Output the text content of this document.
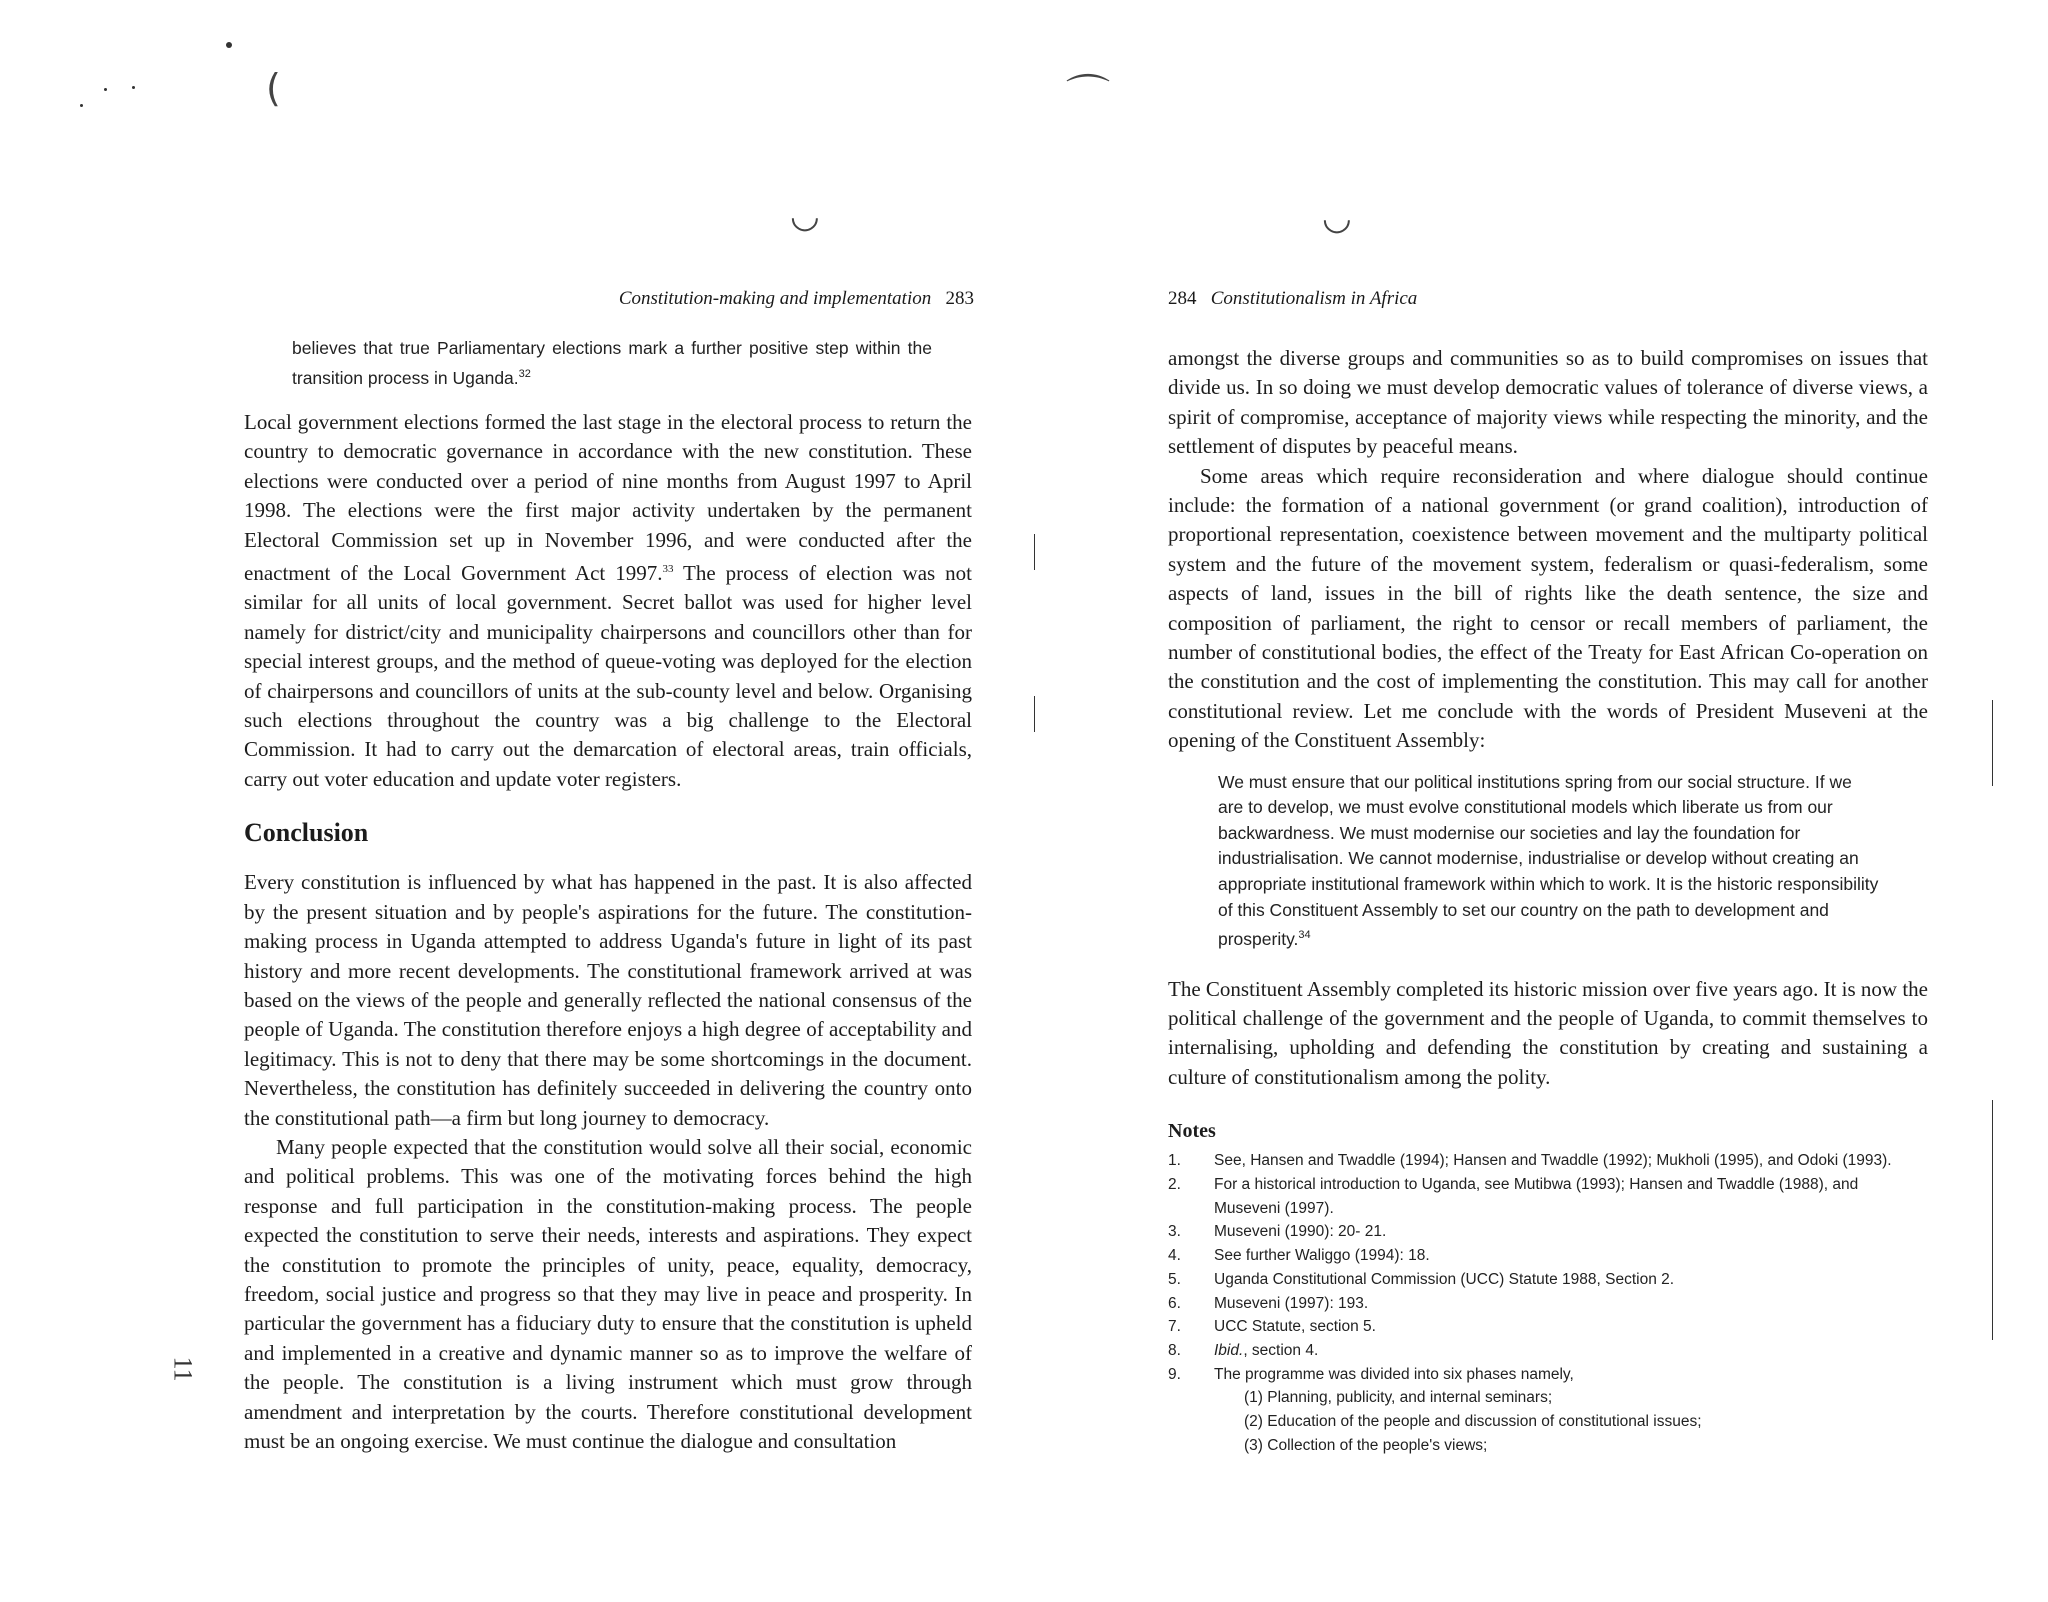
(
◡
Constitution-making and implementation 283

believes that true Parliamentary elections mark a further positive step within the transition process in Uganda.$^{32}$

Local government elections formed the last stage in the electoral process to return the country to democratic governance in accordance with the new constitution. These elections were conducted over a period of nine months from August 1997 to April 1998. The elections were the first major activity undertaken by the permanent Electoral Commission set up in November 1996, and were conducted after the enactment of the Local Government Act 1997.33 The process of election was not similar for all units of local government. Secret ballot was used for higher level namely for district/city and municipality chairpersons and councillors other than for special interest groups, and the method of queue-voting was deployed for the election of chairpersons and councillors of units at the sub-county level and below. Organising such elections throughout the country was a big challenge to the Electoral Commission. It had to carry out the demarcation of electoral areas, train officials, carry out voter education and update voter registers.

Conclusion

Every constitution is influenced by what has happened in the past. It is also affected by the present situation and by people's aspirations for the future. The constitution- making process in Uganda attempted to address Uganda's future in light of its past history and more recent developments. The constitutional framework arrived at was based on the views of the people and generally reflected the national consensus of the people of Uganda. The constitution therefore enjoys a high degree of acceptability and legitimacy. This is not to deny that there may be some shortcomings in the document. Nevertheless, the constitution has definitely succeeded in delivering the country onto the constitutional path—a firm but long journey to democracy.

Many people expected that the constitution would solve all their social, economic and political problems. This was one of the motivating forces behind the high response and full participation in the constitution-making process. The people expected the constitution to serve their needs, interests and aspirations. They expect the constitution to promote the principles of unity, peace, equality, democracy, freedom, social justice and progress so that they may live in peace and prosperity. In particular the government has a fiduciary duty to ensure that the constitution is upheld and implemented in a creative and dynamic manner so as to improve the welfare of the people. The constitution is a living instrument which must grow through amendment and interpretation by the courts. Therefore constitutional development must be an ongoing exercise. We must continue the dialogue and consultation

11
⌒
◡
284 Constitutionalism in Africa

amongst the diverse groups and communities so as to build compromises on issues that divide us. In so doing we must develop democratic values of tolerance of diverse views, a spirit of compromise, acceptance of majority views while respecting the minority, and the settlement of disputes by peaceful means.

Some areas which require reconsideration and where dialogue should continue include: the formation of a national government (or grand coalition), introduction of proportional representation, coexistence between movement and the multiparty political system and the future of the movement system, federalism or quasi-federalism, some aspects of land, issues in the bill of rights like the death sentence, the size and composition of parliament, the right to censor or recall members of parliament, the number of constitutional bodies, the effect of the Treaty for East African Co-operation on the constitution and the cost of implementing the constitution. This may call for another constitutional review. Let me conclude with the words of President Museveni at the opening of the Constituent Assembly:

We must ensure that our political institutions spring from our social structure. If we are to develop, we must evolve constitutional models which liberate us from our backwardness. We must modernise our societies and lay the foundation for industrialisation. We cannot modernise, industrialise or develop without creating an appropriate institutional framework within which to work. It is the historic responsibility of this Constituent Assembly to set our country on the path to development and prosperity.$^{34}$

The Constituent Assembly completed its historic mission over five years ago. It is now the political challenge of the government and the people of Uganda, to commit themselves to internalising, upholding and defending the constitution by creating and sustaining a culture of constitutionalism among the polity.

Notes
1. See, Hansen and Twaddle (1994); Hansen and Twaddle (1992); Mukholi (1995), and Odoki (1993).
2. For a historical introduction to Uganda, see Mutibwa (1993); Hansen and Twaddle (1988), and Museveni (1997).
3. Museveni (1990): 20- 21.
4. See further Waliggo (1994): 18.
5. Uganda Constitutional Commission (UCC) Statute 1988, Section 2.
6. Museveni (1997): 193.
7. UCC Statute, section 5.
8. Ibid., section 4.
9. The programme was divided into six phases namely,
(1) Planning, publicity, and internal seminars;
(2) Education of the people and discussion of constitutional issues;
(3) Collection of the people's views;
